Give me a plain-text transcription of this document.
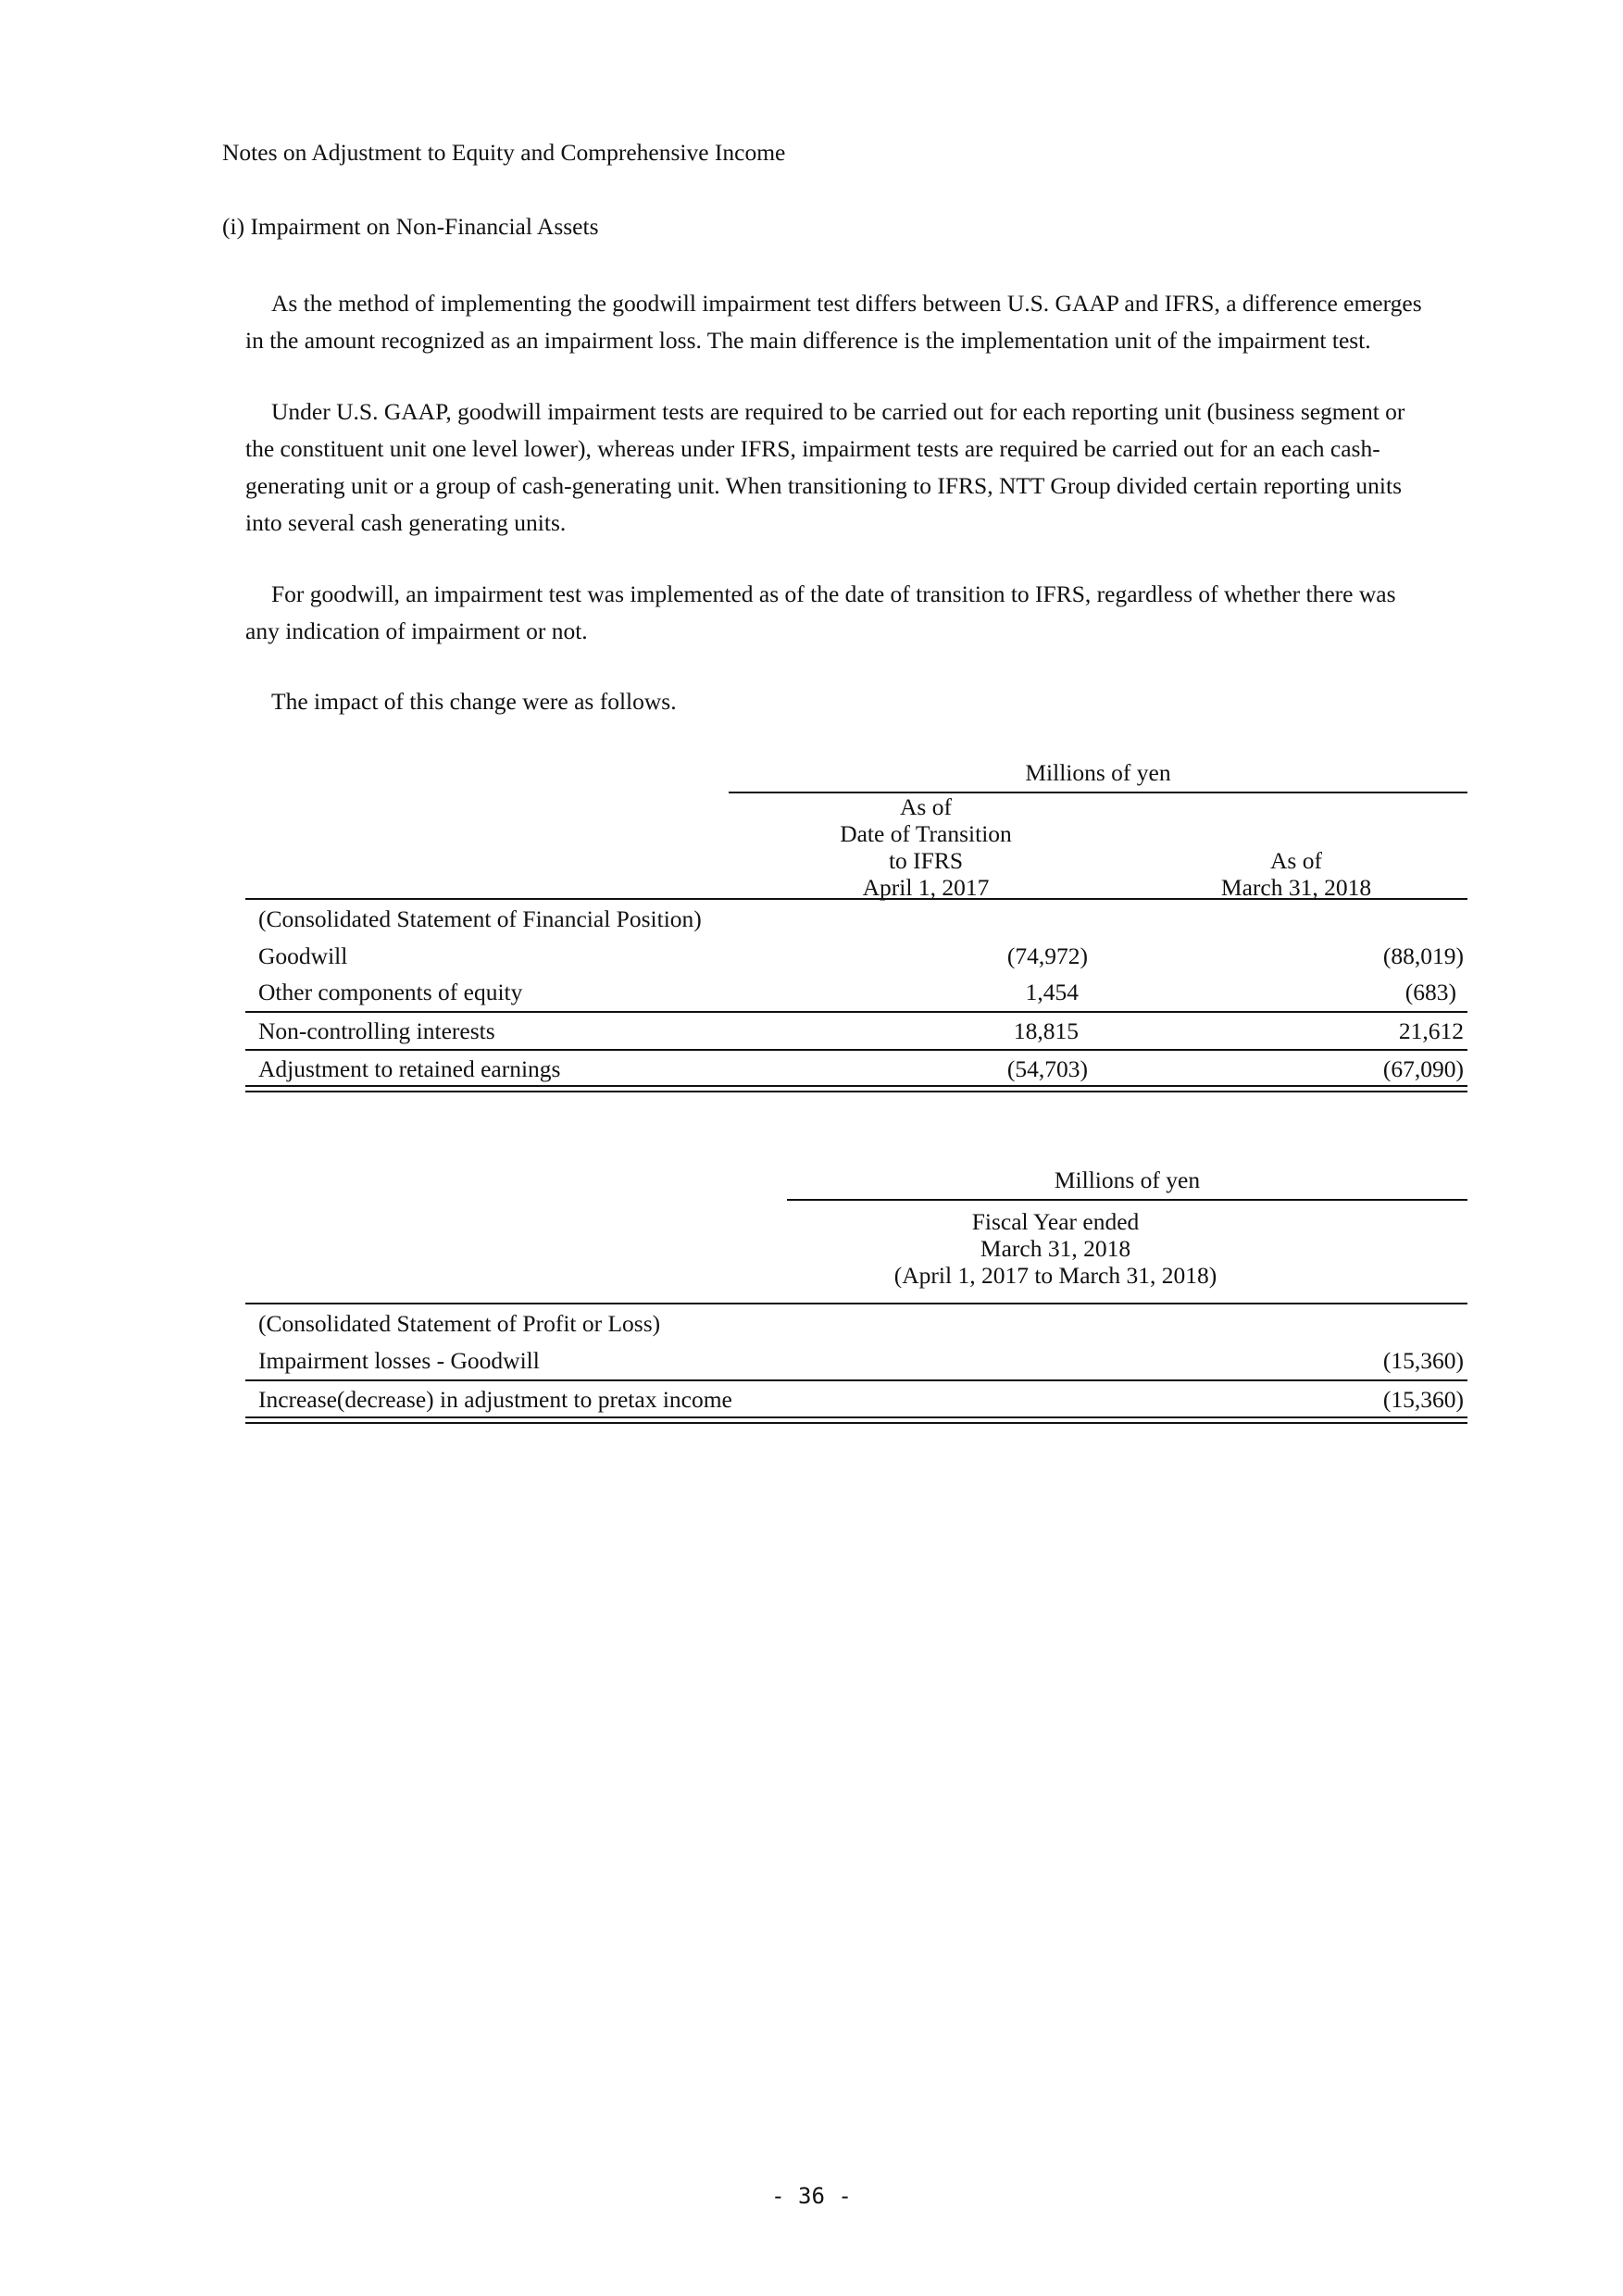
Notes on Adjustment to Equity and Comprehensive Income
(i) Impairment on Non-Financial Assets
As the method of implementing the goodwill impairment test differs between U.S. GAAP and IFRS, a difference emerges
in the amount recognized as an impairment loss. The main difference is the implementation unit of the impairment test.
Under U.S. GAAP, goodwill impairment tests are required to be carried out for each reporting unit (business segment or
the constituent unit one level lower), whereas under IFRS, impairment tests are required be carried out for an each cash-
generating unit or a group of cash-generating unit. When transitioning to IFRS, NTT Group divided certain reporting units
into several cash generating units.
For goodwill, an impairment test was implemented as of the date of transition to IFRS, regardless of whether there was
any indication of impairment or not.
The impact of this change were as follows.
Millions of yen
As of
Date of Transition
to IFRS
April 1, 2017
As of
March 31, 2018
(Consolidated Statement of Financial Position)
Goodwill	(74,972)	(88,019)
Other components of equity	1,454	(683)
Non-controlling interests	18,815	21,612
Adjustment to retained earnings	(54,703)	(67,090)
Millions of yen
Fiscal Year ended
March 31, 2018
(April 1, 2017 to March 31, 2018)
(Consolidated Statement of Profit or Loss)
Impairment losses - Goodwill	(15,360)
Increase(decrease) in adjustment to pretax income	(15,360)
- 36 -
